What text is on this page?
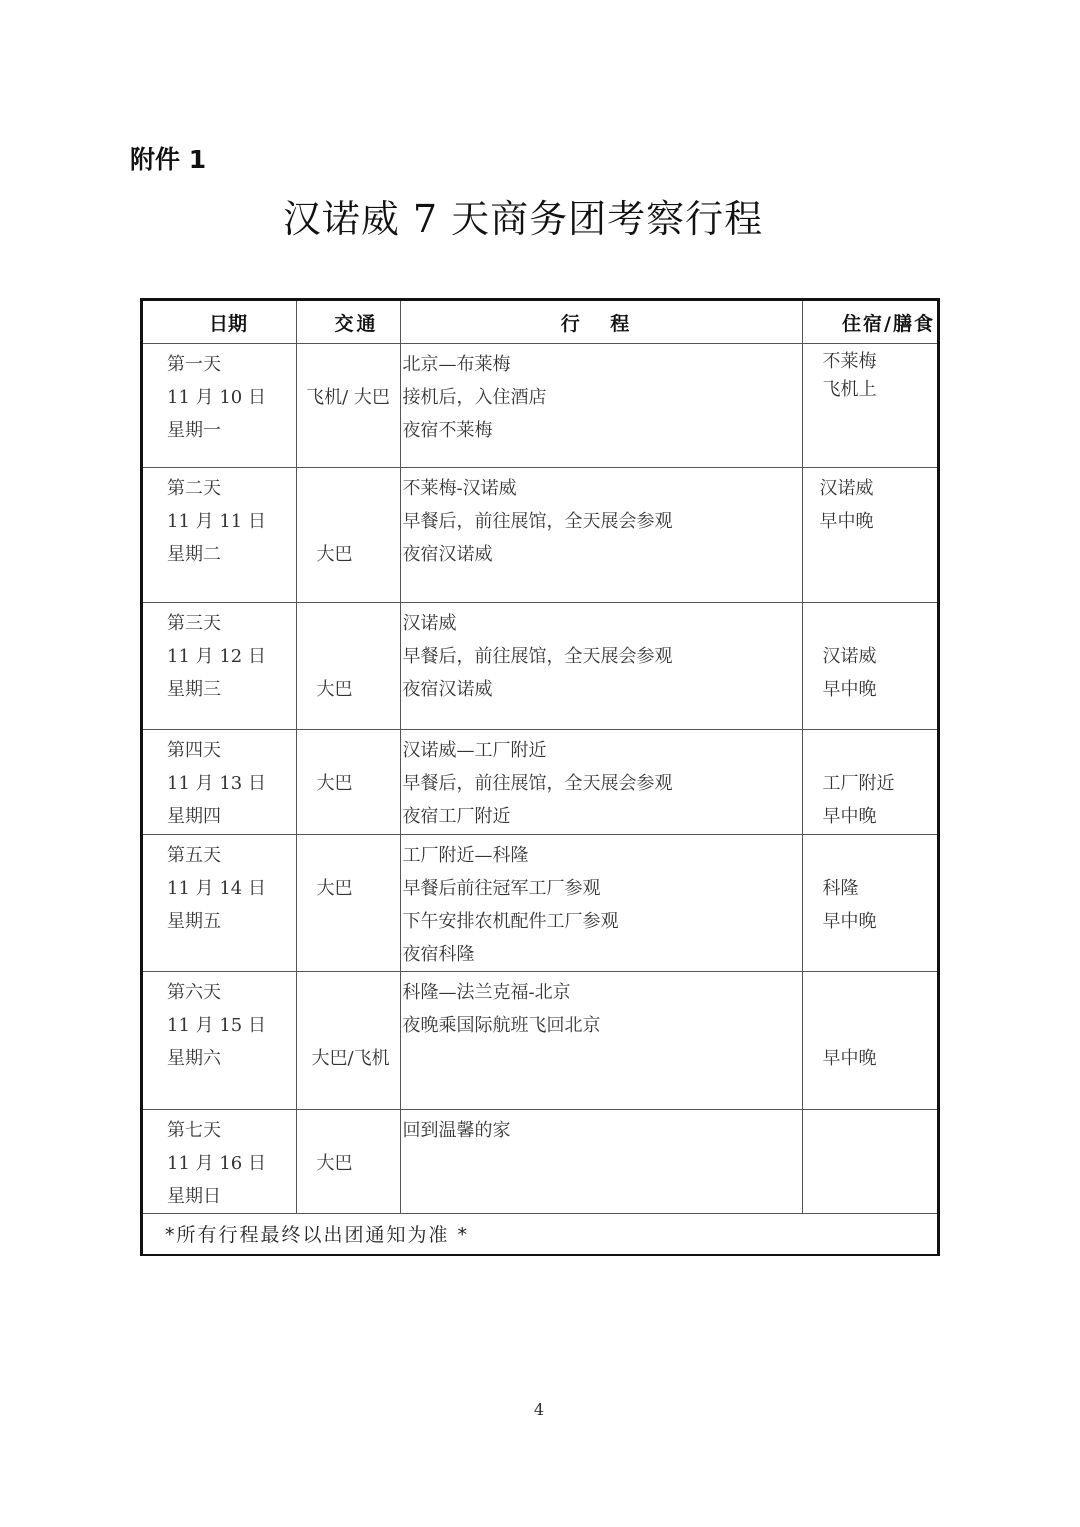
附件 1
汉诺威 7 天商务团考察行程
日期	交通	行 程	住宿/膳食

第一天
11 月 10 日
星期一	飞机/ 大巴	北京—布莱梅
接机后，入住酒店
夜宿不莱梅	不莱梅
飞机上

第二天
11 月 11 日
星期二	大巴	不莱梅-汉诺威
早餐后，前往展馆，全天展会参观
夜宿汉诺威	汉诺威
早中晚

第三天
11 月 12 日
星期三	大巴	汉诺威
早餐后，前往展馆，全天展会参观
夜宿汉诺威	汉诺威
早中晚

第四天
11 月 13 日
星期四	大巴	汉诺威—工厂附近
早餐后，前往展馆，全天展会参观
夜宿工厂附近	工厂附近
早中晚

第五天
11 月 14 日
星期五	大巴	工厂附近—科隆
早餐后前往冠军工厂参观
下午安排农机配件工厂参观
夜宿科隆	科隆
早中晚

第六天
11 月 15 日
星期六	大巴/飞机	科隆—法兰克福-北京
夜晚乘国际航班飞回北京	早中晚

第七天
11 月 16 日
星期日	大巴	回到温馨的家	

*所有行程最终以出团通知为准 *			
4
